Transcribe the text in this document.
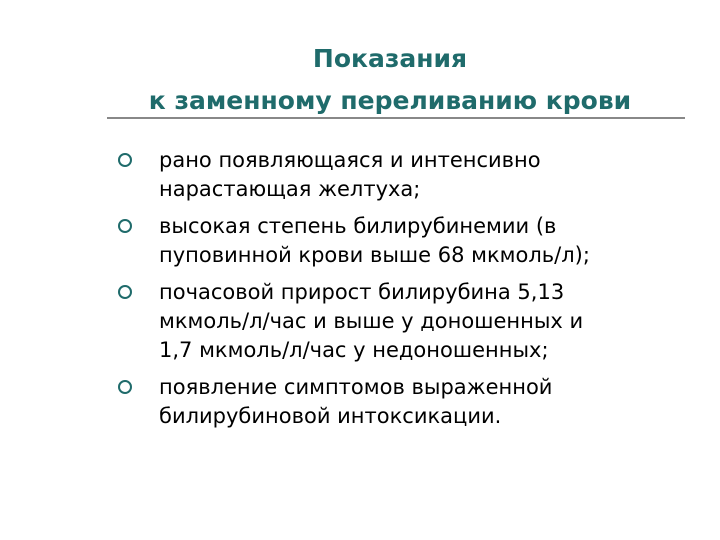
Показания
к заменному переливанию крови
рано появляющаяся и интенсивно
нарастающая желтуха;
высокая степень билирубинемии (в
пуповинной крови выше 68 мкмоль/л);
почасовой прирост билирубина 5,13
мкмоль/л/час и выше у доношенных и
1,7 мкмоль/л/час у недоношенных;
появление симптомов выраженной
билирубиновой интоксикации.
